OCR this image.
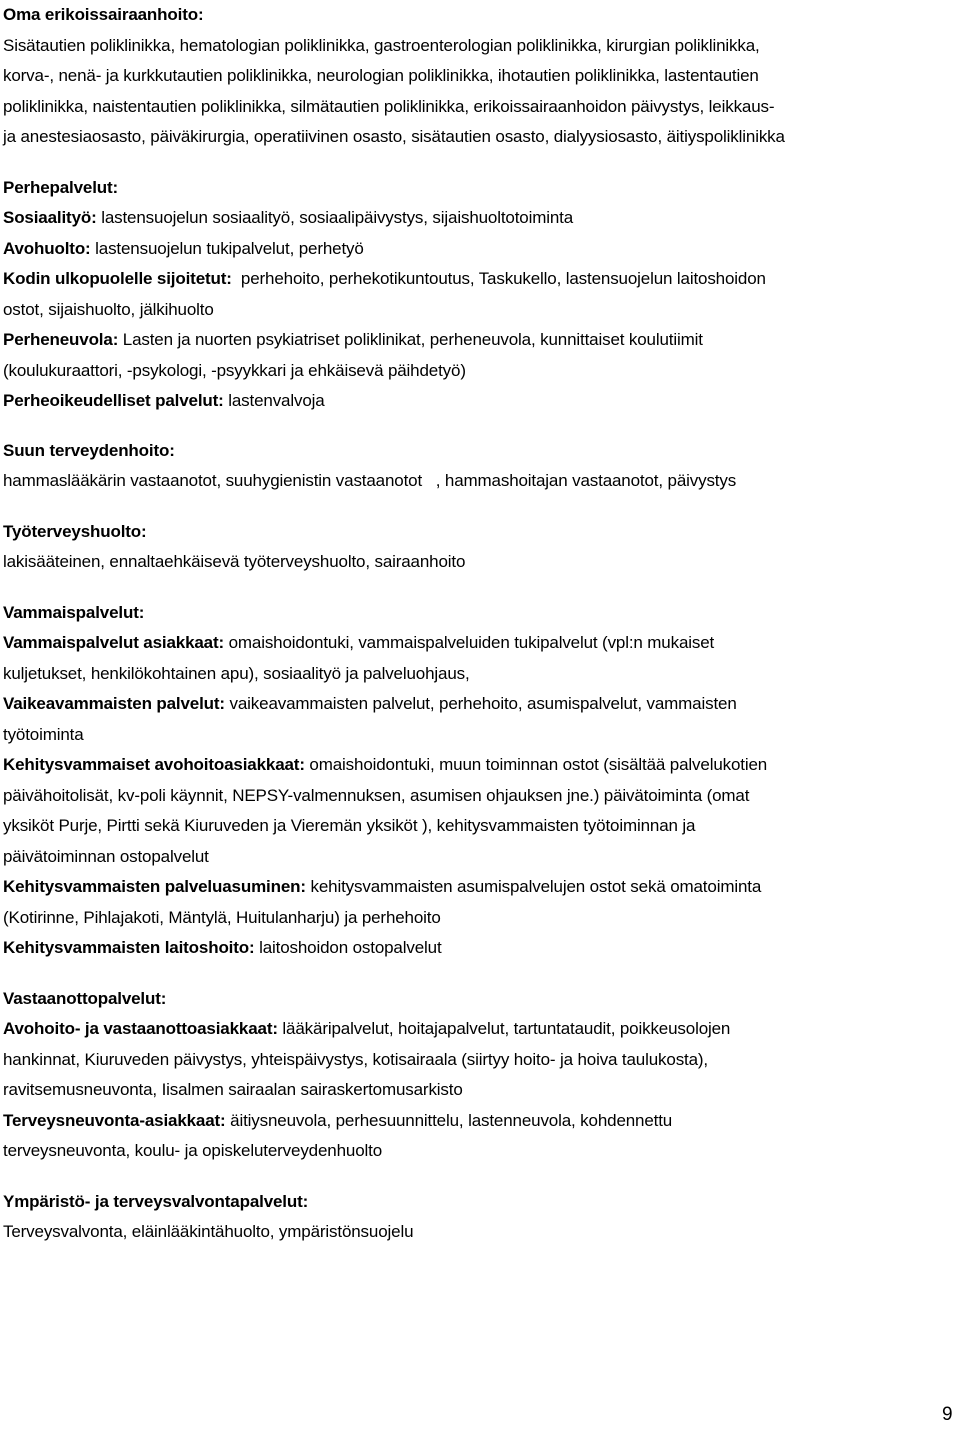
Oma erikoissairaanhoito:
Sisätautien poliklinikka, hematologian poliklinikka, gastroenterologian poliklinikka, kirurgian poliklinikka,
korva-, nenä- ja kurkkutautien poliklinikka, neurologian poliklinikka, ihotautien poliklinikka, lastentautien
poliklinikka, naistentautien poliklinikka, silmätautien poliklinikka, erikoissairaanhoidon päivystys, leikkaus-
ja anestesiaosasto, päiväkirurgia, operatiivinen osasto, sisätautien osasto, dialyysiosasto, äitiyspoliklinikka
Perhepalvelut:
Sosiaalityö: lastensuojelun sosiaalityö, sosiaalipäivystys, sijaishuoltotoiminta
Avohuolto: lastensuojelun tukipalvelut, perhetyö
Kodin ulkopuolelle sijoitetut:  perhehoito, perhekotikuntoutus, Taskukello, lastensuojelun laitoshoidon
ostot, sijaishuolto, jälkihuolto
Perheneuvola: Lasten ja nuorten psykiatriset poliklinikat, perheneuvola, kunnittaiset koulutiimit
(koulukuraattori, -psykologi, -psyykkari ja ehkäisevä päihdetyö)
Perheoikeudelliset palvelut: lastenvalvoja
Suun terveydenhoito:
hammaslääkärin vastaanotot, suuhygienistin vastaanotot   , hammashoitajan vastaanotot, päivystys
Työterveyshuolto:
lakisääteinen, ennaltaehkäisevä työterveyshuolto, sairaanhoito
Vammaispalvelut:
Vammaispalvelut asiakkaat: omaishoidontuki, vammaispalveluiden tukipalvelut (vpl:n mukaiset
kuljetukset, henkilökohtainen apu), sosiaalityö ja palveluohjaus,
Vaikeavammaisten palvelut: vaikeavammaisten palvelut, perhehoito, asumispalvelut, vammaisten
työtoiminta
Kehitysvammaiset avohoitoasiakkaat: omaishoidontuki, muun toiminnan ostot (sisältää palvelukotien
päivähoitolisät, kv-poli käynnit, NEPSY-valmennuksen, asumisen ohjauksen jne.) päivätoiminta (omat
yksiköt Purje, Pirtti sekä Kiuruveden ja Vieremän yksiköt ), kehitysvammaisten työtoiminnan ja
päivätoiminnan ostopalvelut
Kehitysvammaisten palveluasuminen: kehitysvammaisten asumispalvelujen ostot sekä omatoiminta
(Kotirinne, Pihlajakoti, Mäntylä, Huitulanharju) ja perhehoito
Kehitysvammaisten laitoshoito: laitoshoidon ostopalvelut
Vastaanottopalvelut:
Avohoito- ja vastaanottoasiakkaat: lääkäripalvelut, hoitajapalvelut, tartuntataudit, poikkeusolojen
hankinnat, Kiuruveden päivystys, yhteispäivystys, kotisairaala (siirtyy hoito- ja hoiva taulukosta),
ravitsemusneuvonta, Iisalmen sairaalan sairaskertomusarkisto
Terveysneuvonta-asiakkaat: äitiysneuvola, perhesuunnittelu, lastenneuvola, kohdennettu
terveysneuvonta, koulu- ja opiskeluterveydenhuolto
Ympäristö- ja terveysvalvontapalvelut:
Terveysvalvonta, eläinlääkintähuolto, ympäristönsuojelu
9
